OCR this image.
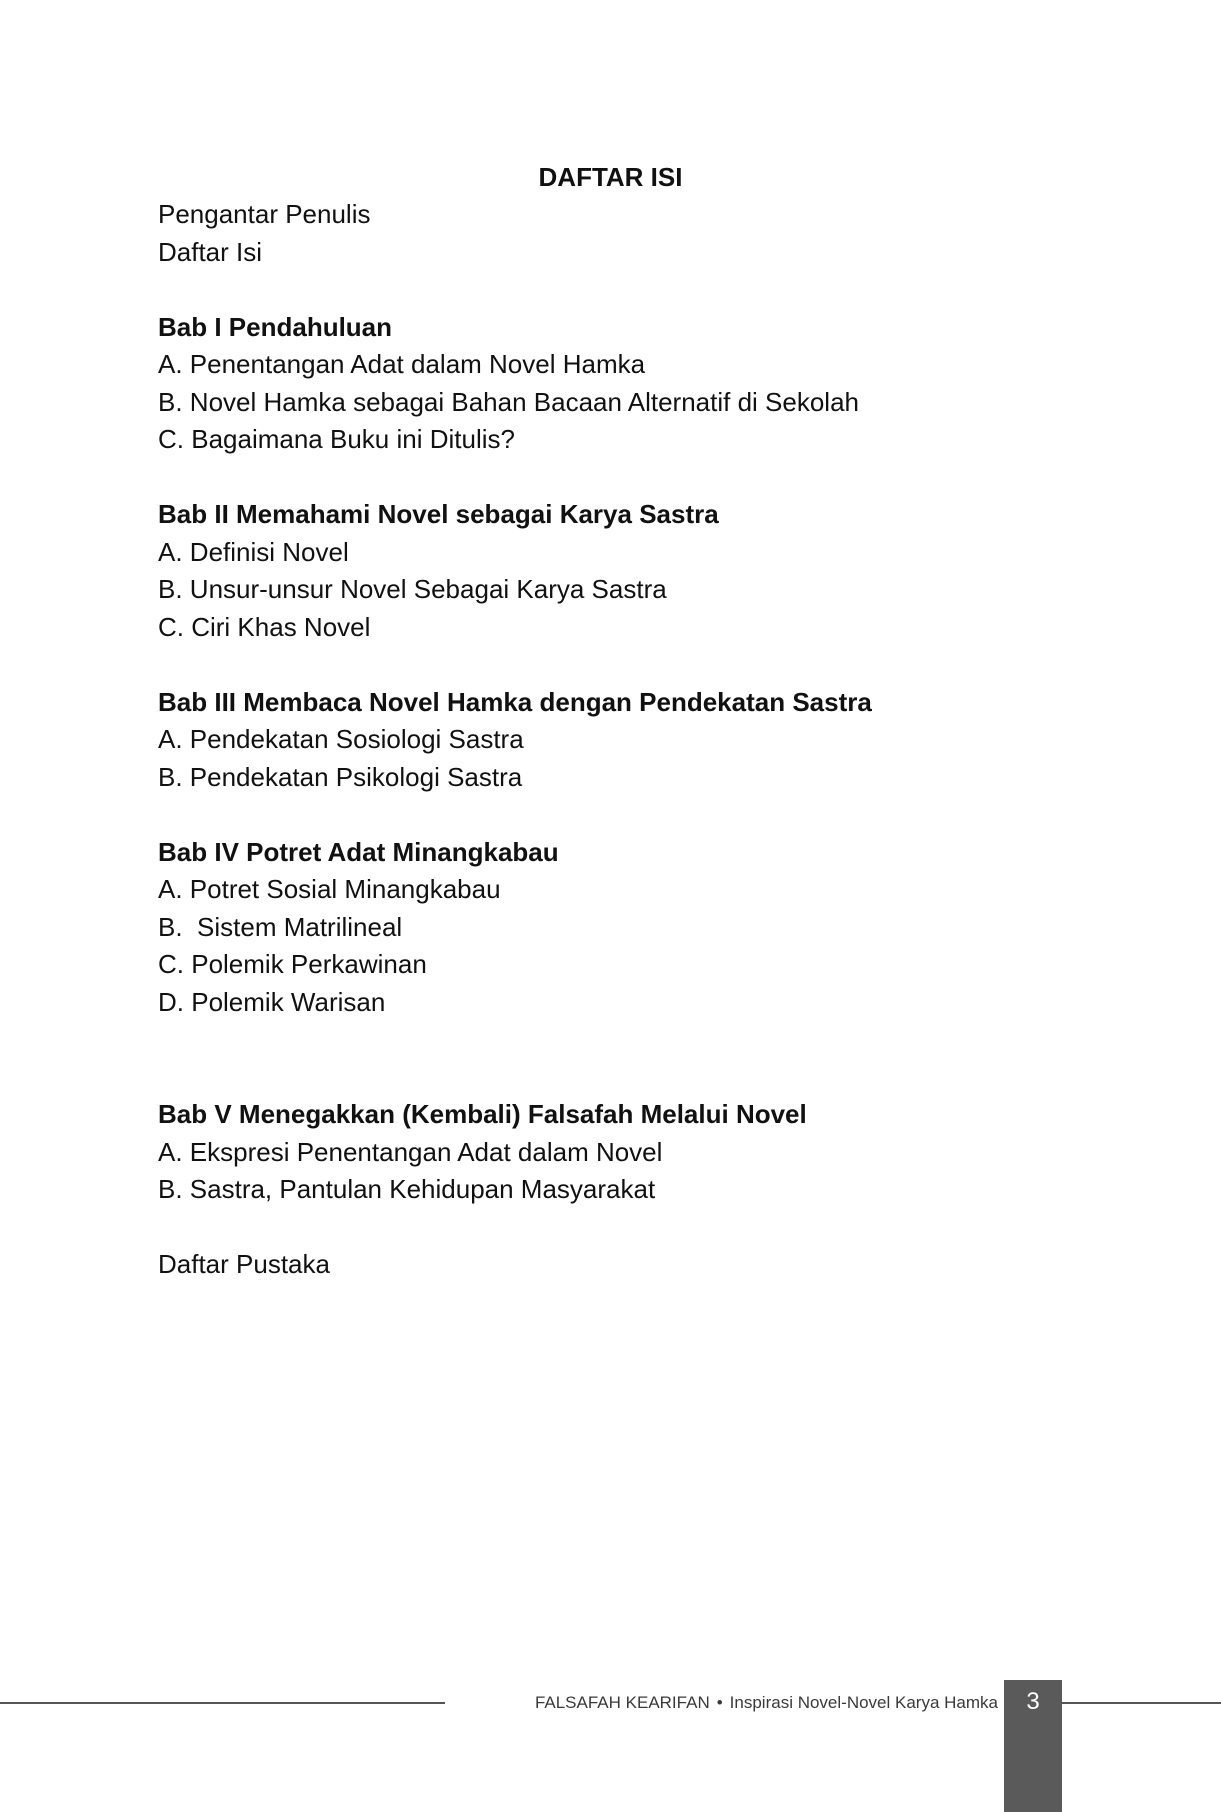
DAFTAR ISI
Pengantar Penulis
Daftar Isi
Bab I Pendahuluan
A. Penentangan Adat dalam Novel Hamka
B. Novel Hamka sebagai Bahan Bacaan Alternatif di Sekolah
C. Bagaimana Buku ini Ditulis?
Bab II Memahami Novel sebagai Karya Sastra
A. Definisi Novel
B. Unsur-unsur Novel Sebagai Karya Sastra
C. Ciri Khas Novel
Bab III Membaca Novel Hamka dengan Pendekatan Sastra
A. Pendekatan Sosiologi Sastra
B. Pendekatan Psikologi Sastra
Bab IV Potret Adat Minangkabau
A. Potret Sosial Minangkabau
B.  Sistem Matrilineal
C. Polemik Perkawinan
D. Polemik Warisan
Bab V Menegakkan (Kembali) Falsafah Melalui Novel
A. Ekspresi Penentangan Adat dalam Novel
B. Sastra, Pantulan Kehidupan Masyarakat
Daftar Pustaka
FALSAFAH KEARIFAN • Inspirasi Novel-Novel Karya Hamka	3
